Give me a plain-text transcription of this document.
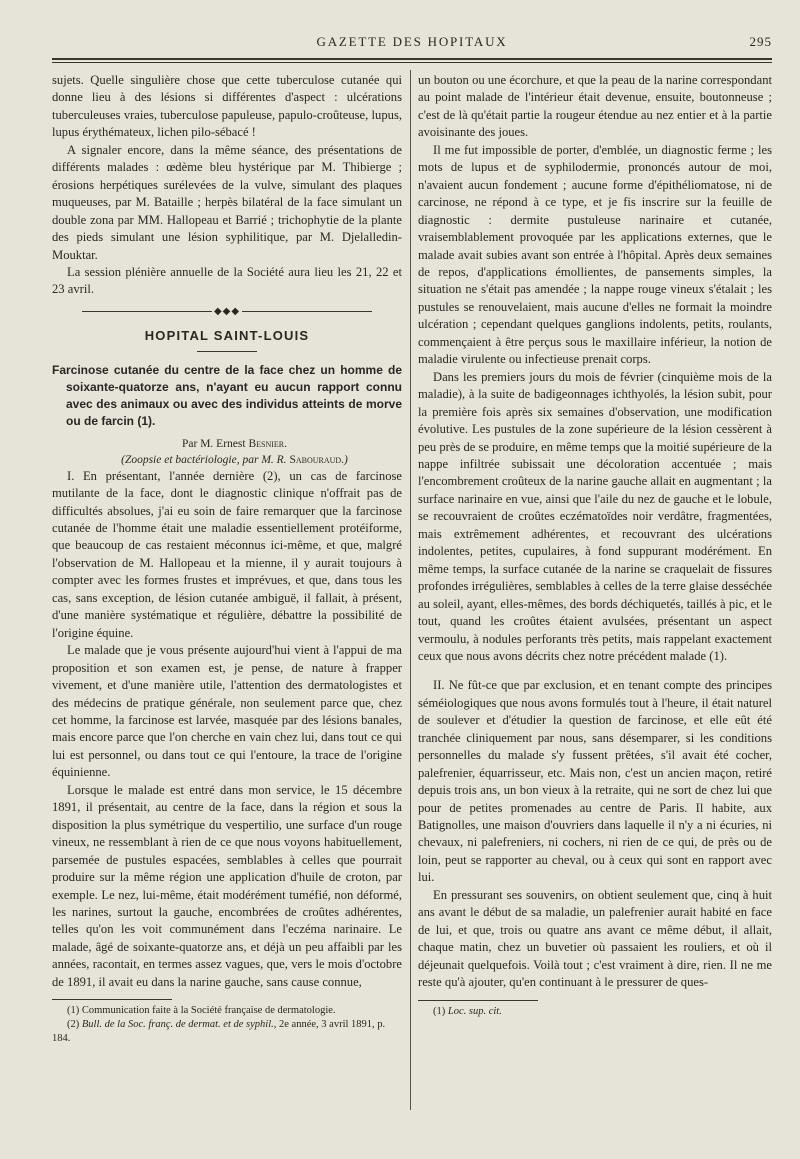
GAZETTE DES HOPITAUX	295

sujets. Quelle singulière chose que cette tuberculose cutanée qui donne lieu à des lésions si différentes d'aspect : ulcérations tuberculeuses vraies, tuberculose papuleuse, papulo-croûteuse, lupus, lupus érythémateux, lichen pilo-sébacé !

A signaler encore, dans la même séance, des présentations de différents malades : œdème bleu hystérique par M. Thibierge ; érosions herpétiques surélevées de la vulve, simulant des plaques muqueuses, par M. Bataille ; herpès bilatéral de la face simulant un double zona par MM. Hallopeau et Barrié ; trichophytie de la plante des pieds simulant une lésion syphilitique, par M. Djelalledin-Mouktar.

La session plénière annuelle de la Société aura lieu les 21, 22 et 23 avril.

◆◆◆
HOPITAL SAINT-LOUIS
Farcinose cutanée du centre de la face chez un homme de soixante-quatorze ans, n'ayant eu aucun rapport connu avec des animaux ou avec des individus atteints de morve ou de farcin (1).

Par M. Ernest Besnier.

(Zoopsie et bactériologie, par M. R. Sabouraud.)

I. En présentant, l'année dernière (2), un cas de farcinose mutilante de la face, dont le diagnostic clinique n'offrait pas de difficultés absolues, j'ai eu soin de faire remarquer que la farcinose cutanée de l'homme était une maladie essentiellement protéiforme, que beaucoup de cas restaient méconnus ici-même, et que, malgré l'observation de M. Hallopeau et la mienne, il y aurait toujours à compter avec les formes frustes et imprévues, et que, dans tous les cas, sans exception, de lésion cutanée ambiguë, il fallait, à présent, d'une manière systématique et régulière, débattre la possibilité de l'origine équine.

Le malade que je vous présente aujourd'hui vient à l'appui de ma proposition et son examen est, je pense, de nature à frapper vivement, et d'une manière utile, l'attention des dermatologistes et des médecins de pratique générale, non seulement parce que, chez cet homme, la farcinose est larvée, masquée par des lésions banales, mais encore parce que l'on cherche en vain chez lui, dans tout ce qui lui est personnel, ou dans tout ce qui l'entoure, la trace de l'origine équinienne.

Lorsque le malade est entré dans mon service, le 15 décembre 1891, il présentait, au centre de la face, dans la région et sous la disposition la plus symétrique du vespertilio, une surface d'un rouge vineux, ne ressemblant à rien de ce que nous voyons habituellement, parsemée de pustules espacées, semblables à celles que pourrait produire sur la même région une application d'huile de croton, par exemple. Le nez, lui-même, était modérément tuméfié, non déformé, les narines, surtout la gauche, encombrées de croûtes adhérentes, telles qu'on les voit communément dans l'eczéma narinaire. Le malade, âgé de soixante-quatorze ans, et déjà un peu affaibli par les années, racontait, en termes assez vagues, que, vers le mois d'octobre de 1891, il avait eu dans la narine gauche, sans cause connue,

(1) Communication faite à la Société française de dermatologie.

(2) Bull. de la Soc. franç. de dermat. et de syphil., 2e année, 3 avril 1891, p. 184.

un bouton ou une écorchure, et que la peau de la narine correspondant au point malade de l'intérieur était devenue, ensuite, boutonneuse ; c'est de là qu'était partie la rougeur étendue au nez entier et à la partie avoisinante des joues.

Il me fut impossible de porter, d'emblée, un diagnostic ferme ; les mots de lupus et de syphilodermie, prononcés autour de moi, n'avaient aucun fondement ; aucune forme d'épithéliomatose, ni de carcinose, ne répond à ce type, et je fis inscrire sur la feuille de diagnostic : dermite pustuleuse narinaire et cutanée, vraisemblablement provoquée par les applications externes, que le malade avait subies avant son entrée à l'hôpital. Après deux semaines de repos, d'applications émollientes, de pansements simples, la situation ne s'était pas amendée ; la nappe rouge vineux s'étalait ; les pustules se renouvelaient, mais aucune d'elles ne formait la moindre ulcération ; cependant quelques ganglions indolents, petits, roulants, commençaient à être perçus sous le maxillaire inférieur, la notion de maladie virulente ou infectieuse prenait corps.

Dans les premiers jours du mois de février (cinquième mois de la maladie), à la suite de badigeonnages ichthyolés, la lésion subit, pour la première fois après six semaines d'observation, une modification évolutive. Les pustules de la zone supérieure de la lésion cessèrent à peu près de se produire, en même temps que la moitié supérieure de la nappe infiltrée subissait une décoloration accentuée ; mais l'encombrement croûteux de la narine gauche allait en augmentant ; la surface narinaire en vue, ainsi que l'aile du nez de gauche et le lobule, se recouvraient de croûtes eczématoïdes noir verdâtre, fragmentées, mais extrêmement adhérentes, et recouvrant des ulcérations indolentes, petites, cupulaires, à fond suppurant modérément. En même temps, la surface cutanée de la narine se craquelait de fissures profondes irrégulières, semblables à celles de la terre glaise desséchée au soleil, ayant, elles-mêmes, des bords déchiquetés, taillés à pic, et le tout, quand les croûtes étaient avulsées, présentant un aspect vermoulu, à nodules perforants très petits, mais rappelant exactement ceux que nous avons décrits chez notre précédent malade (1).

II. Ne fût-ce que par exclusion, et en tenant compte des principes séméiologiques que nous avons formulés tout à l'heure, il était naturel de soulever et d'étudier la question de farcinose, et elle eût été tranchée cliniquement par nous, sans désemparer, si les conditions personnelles du malade s'y fussent prêtées, s'il avait été cocher, palefrenier, équarrisseur, etc. Mais non, c'est un ancien maçon, retiré depuis trois ans, un bon vieux à la retraite, qui ne sort de chez lui que pour de petites promenades au centre de Paris. Il habite, aux Batignolles, une maison d'ouvriers dans laquelle il n'y a ni écuries, ni chevaux, ni palefreniers, ni cochers, ni rien de ce qui, de près ou de loin, peut se rapporter au cheval, ou à ceux qui sont en rapport avec lui.

En pressurant ses souvenirs, on obtient seulement que, cinq à huit ans avant le début de sa maladie, un palefrenier aurait habité en face de lui, et que, trois ou quatre ans avant ce même début, il allait, chaque matin, chez un buvetier où passaient les rouliers, et où il déjeunait quelquefois. Voilà tout ; c'est vraiment à dire, rien. Il ne me reste qu'à ajouter, qu'en continuant à le pressurer de ques-

(1) Loc. sup. cit.
